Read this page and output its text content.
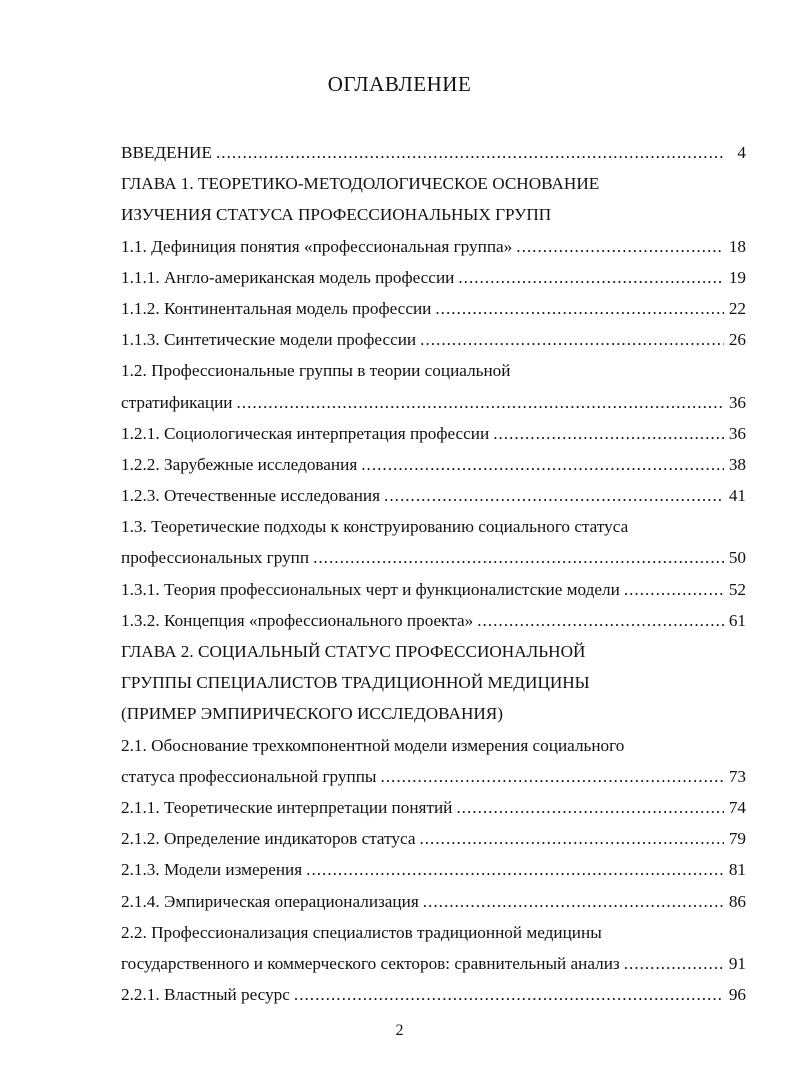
ОГЛАВЛЕНИЕ
ВВЕДЕНИЕ .....	4
ГЛАВА 1. ТЕОРЕТИКО-МЕТОДОЛОГИЧЕСКОЕ ОСНОВАНИЕ
ИЗУЧЕНИЯ СТАТУСА ПРОФЕССИОНАЛЬНЫХ ГРУПП
1.1. Дефиниция понятия «профессиональная группа» .....	18
1.1.1. Англо-американская модель профессии .....	19
1.1.2. Континентальная модель профессии .....	22
1.1.3. Синтетические модели профессии .....	26
1.2. Профессиональные группы в теории социальной
стратификации .....	36
1.2.1. Социологическая интерпретация профессии .....	36
1.2.2. Зарубежные исследования .....	38
1.2.3. Отечественные исследования .....	41
1.3. Теоретические подходы к конструированию социального статуса
профессиональных групп .....	50
1.3.1. Теория профессиональных черт и функционалистские модели .....	52
1.3.2. Концепция «профессионального проекта» .....	61
ГЛАВА 2. СОЦИАЛЬНЫЙ СТАТУС ПРОФЕССИОНАЛЬНОЙ
ГРУППЫ СПЕЦИАЛИСТОВ ТРАДИЦИОННОЙ МЕДИЦИНЫ
(ПРИМЕР ЭМПИРИЧЕСКОГО ИССЛЕДОВАНИЯ)
2.1. Обоснование трехкомпонентной модели измерения социального
статуса профессиональной группы .....	73
2.1.1. Теоретические интерпретации понятий .....	74
2.1.2. Определение индикаторов статуса .....	79
2.1.3. Модели измерения .....	81
2.1.4. Эмпирическая операционализация .....	86
2.2. Профессионализация специалистов традиционной медицины
государственного и коммерческого секторов: сравнительный анализ .....	91
2.2.1. Властный ресурс .....	96
2
